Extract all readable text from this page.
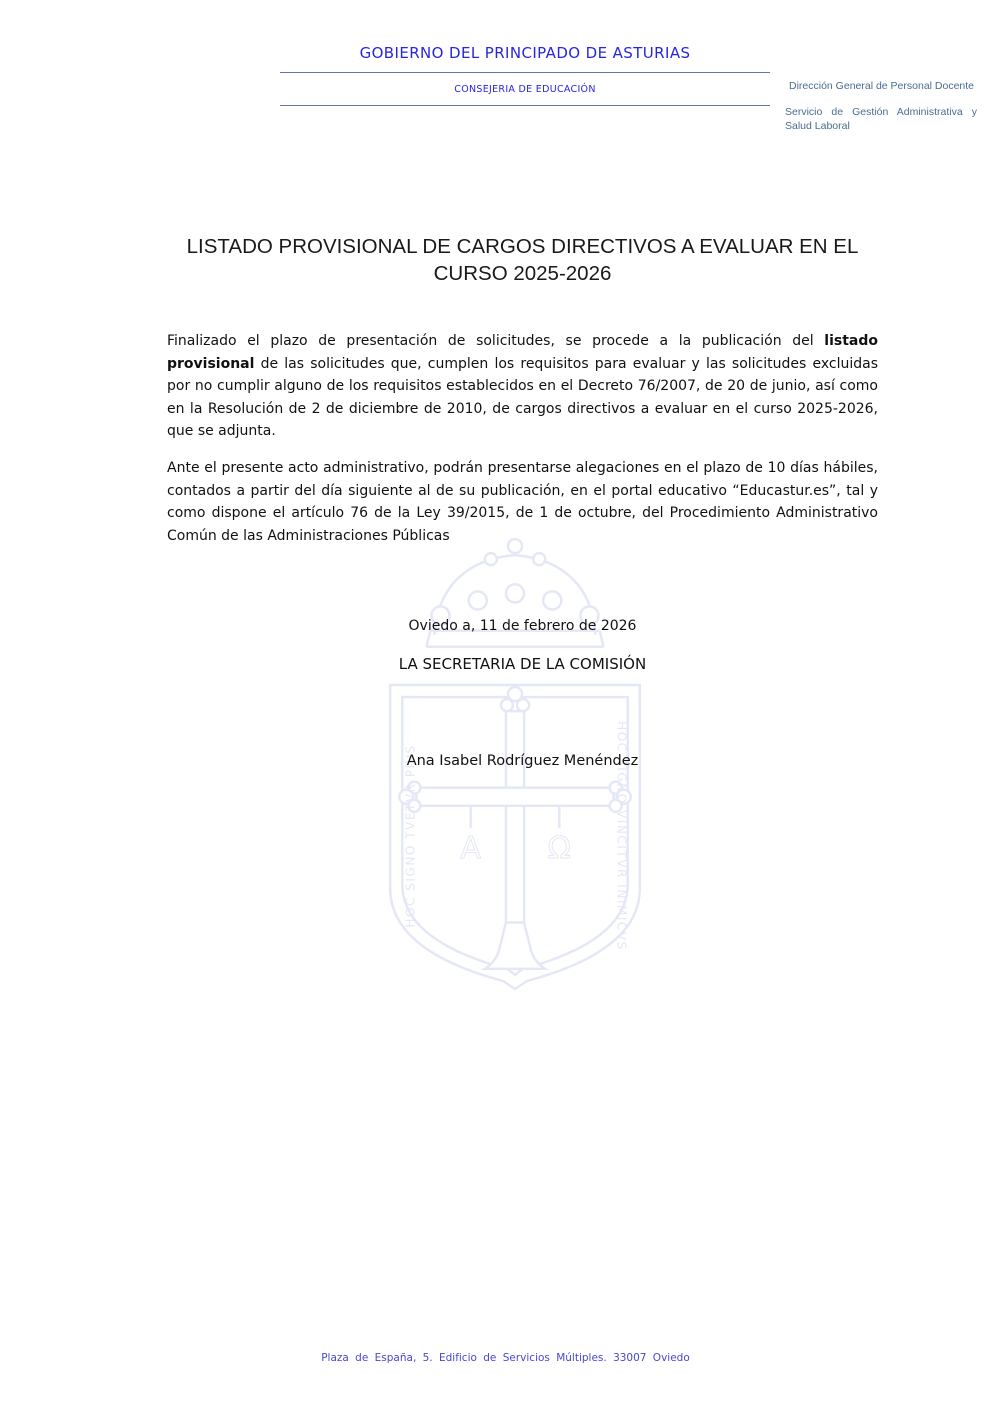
Α Ω
HOC SIGNO TVETVR PIVS	HOC SIGNO VINCITVR INIMICVS
GOBIERNO DEL PRINCIPADO DE ASTURIAS
CONSEJERIA DE EDUCACIÓN	Dirección General de Personal Docente
Servicio de Gestión Administrativa y Salud Laboral
LISTADO PROVISIONAL DE CARGOS DIRECTIVOS A EVALUAR EN EL
CURSO 2025-2026

Finalizado el plazo de presentación de solicitudes, se procede a la publicación del listado provisional de las solicitudes que, cumplen los requisitos para evaluar y las solicitudes excluidas por no cumplir alguno de los requisitos establecidos en el Decreto 76/2007, de 20 de junio, así como en la Resolución de 2 de diciembre de 2010, de cargos directivos a evaluar en el curso 2025-2026, que se adjunta.

Ante el presente acto administrativo, podrán presentarse alegaciones en el plazo de 10 días hábiles, contados a partir del día siguiente al de su publicación, en el portal educativo “Educastur.es”, tal y como dispone el artículo 76 de la Ley 39/2015, de 1 de octubre, del Procedimiento Administrativo Común de las Administraciones Públicas

Oviedo a, 11 de febrero de 2026
LA SECRETARIA DE LA COMISIÓN
Ana Isabel Rodríguez Menéndez
Plaza de España, 5. Edificio de Servicios Múltiples. 33007 Oviedo
